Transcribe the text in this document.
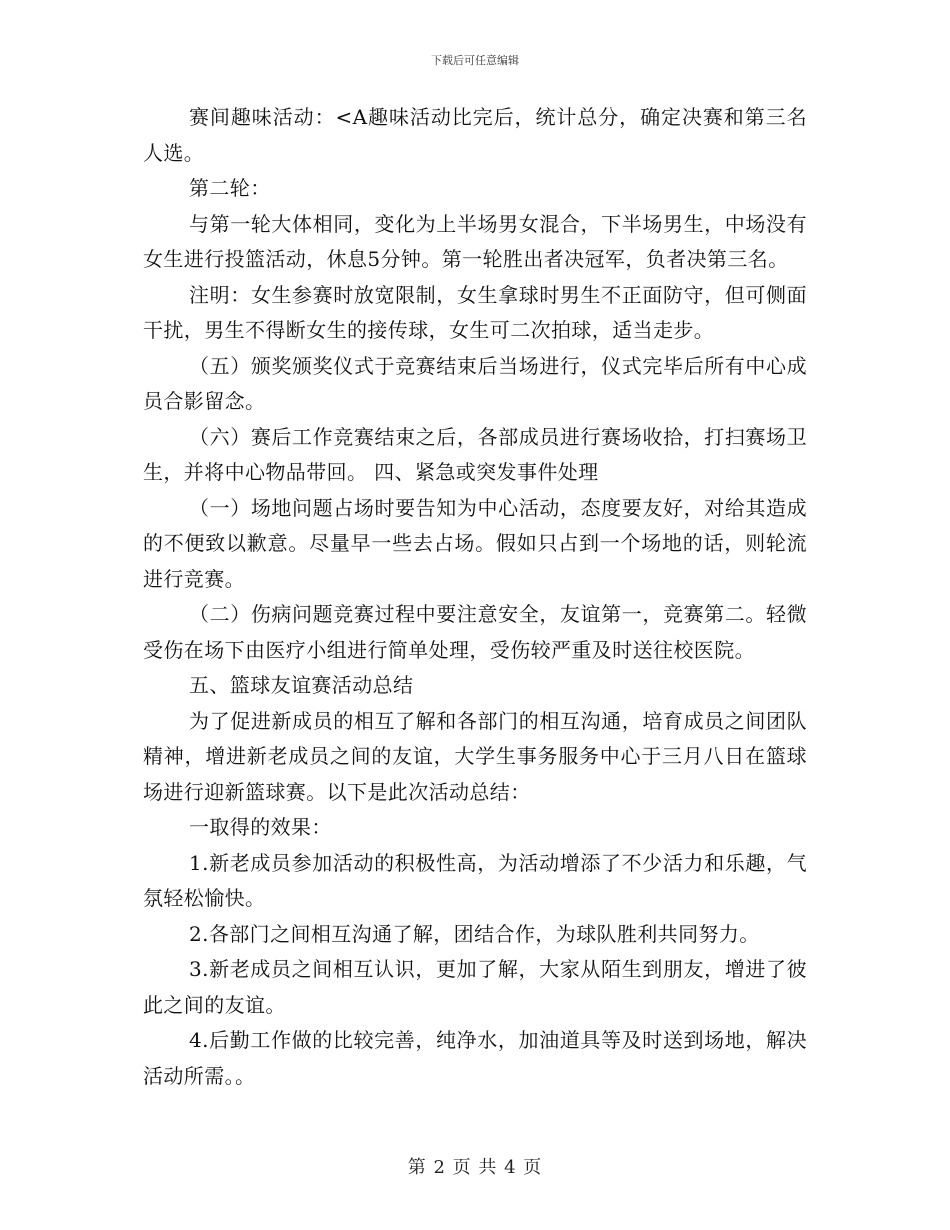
下载后可任意编辑

赛间趣味活动：<A趣味活动比完后，统计总分，确定决赛和第三名人选。

第二轮：

与第一轮大体相同，变化为上半场男女混合，下半场男生，中场没有女生进行投篮活动，休息5分钟。第一轮胜出者决冠军，负者决第三名。

注明：女生参赛时放宽限制，女生拿球时男生不正面防守，但可侧面干扰，男生不得断女生的接传球，女生可二次拍球，适当走步。

（五）颁奖颁奖仪式于竞赛结束后当场进行，仪式完毕后所有中心成员合影留念。

（六）赛后工作竞赛结束之后，各部成员进行赛场收拾，打扫赛场卫生，并将中心物品带回。 四、紧急或突发事件处理

（一）场地问题占场时要告知为中心活动，态度要友好，对给其造成的不便致以歉意。尽量早一些去占场。假如只占到一个场地的话，则轮流进行竞赛。

（二）伤病问题竞赛过程中要注意安全，友谊第一，竞赛第二。轻微受伤在场下由医疗小组进行简单处理，受伤较严重及时送往校医院。

五、篮球友谊赛活动总结

为了促进新成员的相互了解和各部门的相互沟通，培育成员之间团队精神，增进新老成员之间的友谊，大学生事务服务中心于三月八日在篮球场进行迎新篮球赛。以下是此次活动总结：

一取得的效果：

1.新老成员参加活动的积极性高，为活动增添了不少活力和乐趣，气氛轻松愉快。

2.各部门之间相互沟通了解，团结合作，为球队胜利共同努力。

3.新老成员之间相互认识，更加了解，大家从陌生到朋友，增进了彼此之间的友谊。

4.后勤工作做的比较完善，纯净水，加油道具等及时送到场地，解决活动所需。。

第 2 页 共 4 页
